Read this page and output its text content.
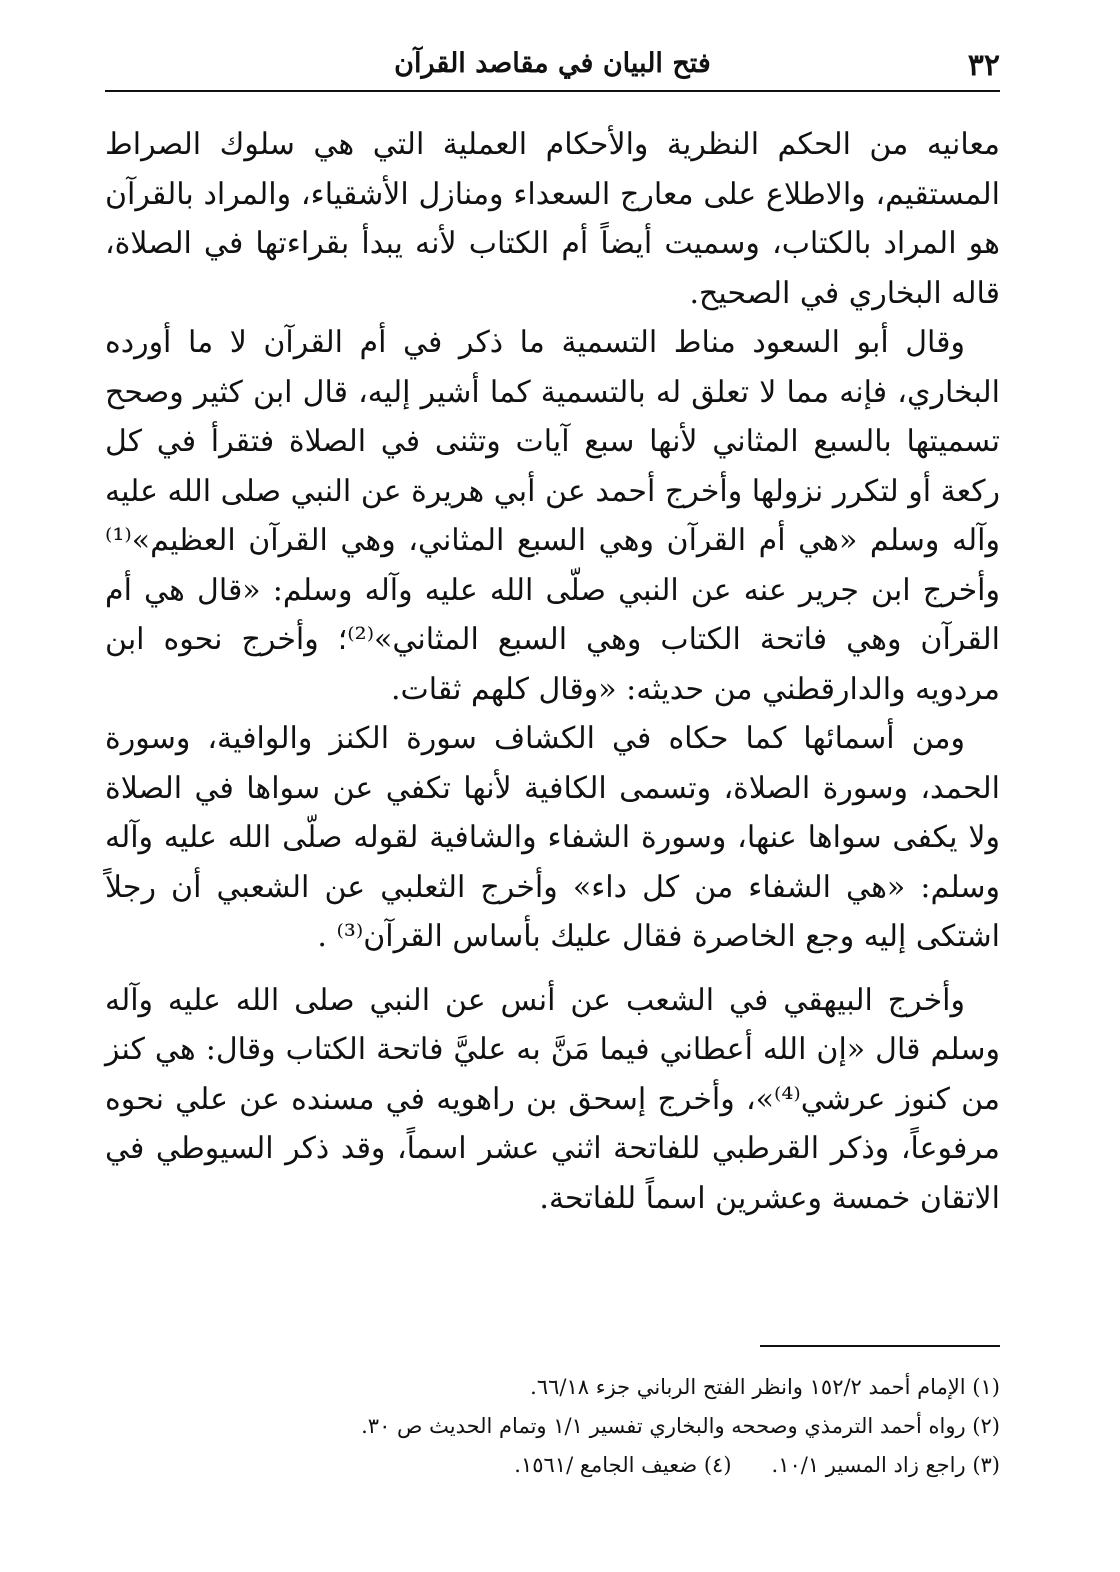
٣٢
فتح البيان في مقاصد القرآن

معانيه من الحكم النظرية والأحكام العملية التي هي سلوك الصراط المستقيم، والاطلاع على معارج السعداء ومنازل الأشقياء، والمراد بالقرآن هو المراد بالكتاب، وسميت أيضاً أم الكتاب لأنه يبدأ بقراءتها في الصلاة، قاله البخاري في الصحيح.

وقال أبو السعود مناط التسمية ما ذكر في أم القرآن لا ما أورده البخاري، فإنه مما لا تعلق له بالتسمية كما أشير إليه، قال ابن كثير وصحح تسميتها بالسبع المثاني لأنها سبع آيات وتثنى في الصلاة فتقرأ في كل ركعة أو لتكرر نزولها وأخرج أحمد عن أبي هريرة عن النبي صلى الله عليه وآله وسلم «هي أم القرآن وهي السبع المثاني، وهي القرآن العظيم»⁽¹⁾وأخرج ابن جرير عنه عن النبي صلّى الله عليه وآله وسلم: «قال هي أم القرآن وهي فاتحة الكتاب وهي السبع المثاني»⁽²⁾؛ وأخرج نحوه ابن مردويه والدارقطني من حديثه: «وقال كلهم ثقات.

ومن أسمائها كما حكاه في الكشاف سورة الكنز والوافية، وسورة الحمد، وسورة الصلاة، وتسمى الكافية لأنها تكفي عن سواها في الصلاة ولا يكفى سواها عنها، وسورة الشفاء والشافية لقوله صلّى الله عليه وآله وسلم: «هي الشفاء من كل داء» وأخرج الثعلبي عن الشعبي أن رجلاً اشتكى إليه وجع الخاصرة فقال عليك بأساس القرآن⁽³⁾ .

وأخرج البيهقي في الشعب عن أنس عن النبي صلى الله عليه وآله وسلم قال «إن الله أعطاني فيما مَنَّ به عليَّ فاتحة الكتاب وقال: هي كنز من كنوز عرشي⁽⁴⁾»، وأخرج إسحق بن راهويه في مسنده عن علي نحوه مرفوعاً، وذكر القرطبي للفاتحة اثني عشر اسماً، وقد ذكر السيوطي في الاتقان خمسة وعشرين اسماً للفاتحة.

(١) الإمام أحمد ١٥٢/٢ وانظر الفتح الرباني جزء ٦٦/١٨.

(٢) رواه أحمد الترمذي وصححه والبخاري تفسير ١/١ وتمام الحديث ص ٣٠.

(٣) راجع زاد المسير ١٠/١.(٤) ضعيف الجامع /١٥٦١.
